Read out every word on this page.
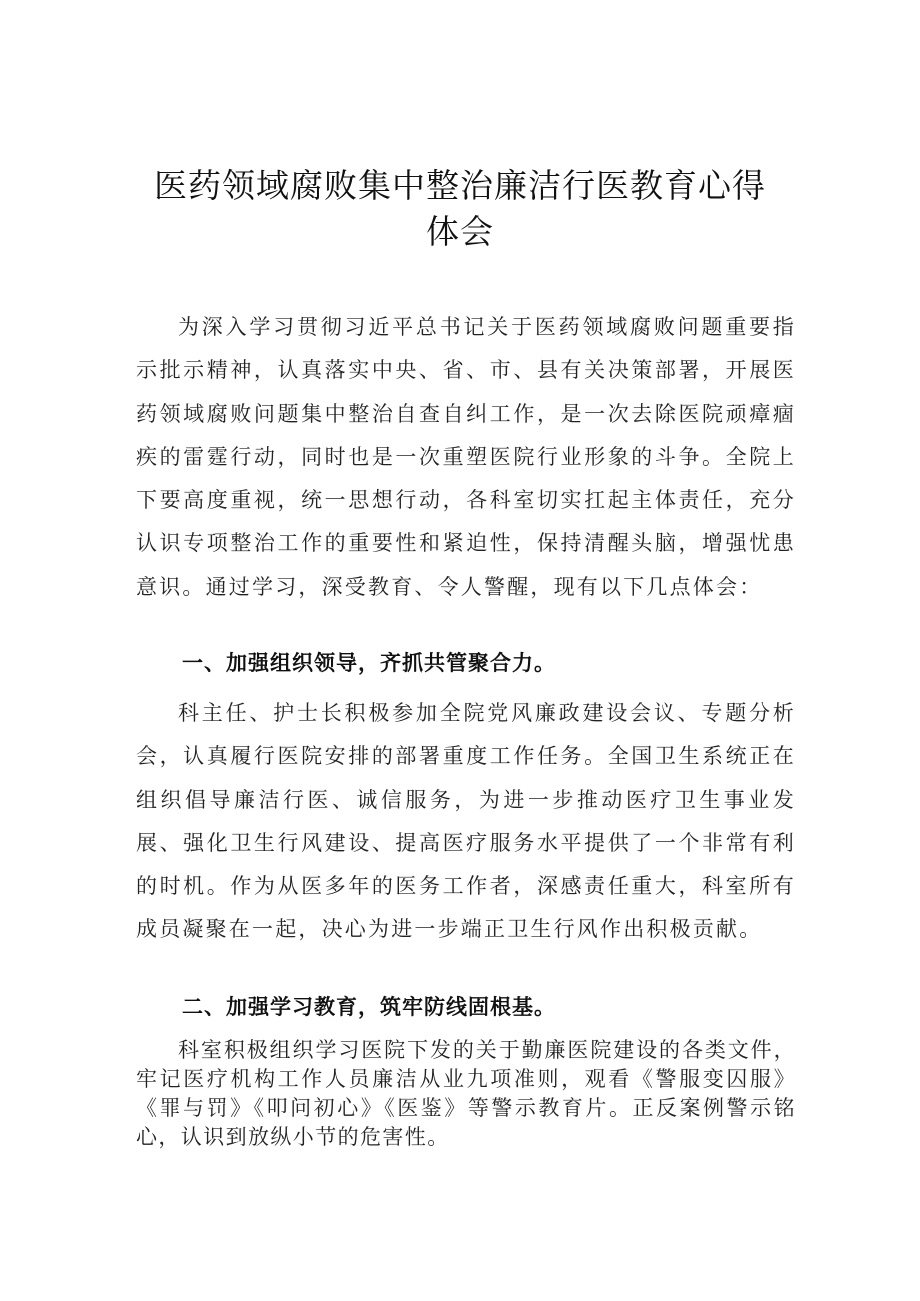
医药领域腐败集中整治廉洁行医教育心得
体会

为深入学习贯彻习近平总书记关于医药领域腐败问题重要指示批示精神，认真落实中央、省、市、县有关决策部署，开展医药领域腐败问题集中整治自查自纠工作，是一次去除医院顽瘴痼疾的雷霆行动，同时也是一次重塑医院行业形象的斗争。全院上下要高度重视，统一思想行动，各科室切实扛起主体责任，充分认识专项整治工作的重要性和紧迫性，保持清醒头脑，增强忧患意识。通过学习，深受教育、令人警醒，现有以下几点体会：

一、加强组织领导，齐抓共管聚合力。

科主任、护士长积极参加全院党风廉政建设会议、专题分析会，认真履行医院安排的部署重度工作任务。全国卫生系统正在组织倡导廉洁行医、诚信服务，为进一步推动医疗卫生事业发展、强化卫生行风建设、提高医疗服务水平提供了一个非常有利的时机。作为从医多年的医务工作者，深感责任重大，科室所有成员凝聚在一起，决心为进一步端正卫生行风作出积极贡献。

二、加强学习教育，筑牢防线固根基。

科室积极组织学习医院下发的关于勤廉医院建设的各类文件，牢记医疗机构工作人员廉洁从业九项准则，观看《警服变囚服》《罪与罚》《叩问初心》《医鉴》等警示教育片。正反案例警示铭心，认识到放纵小节的危害性。
